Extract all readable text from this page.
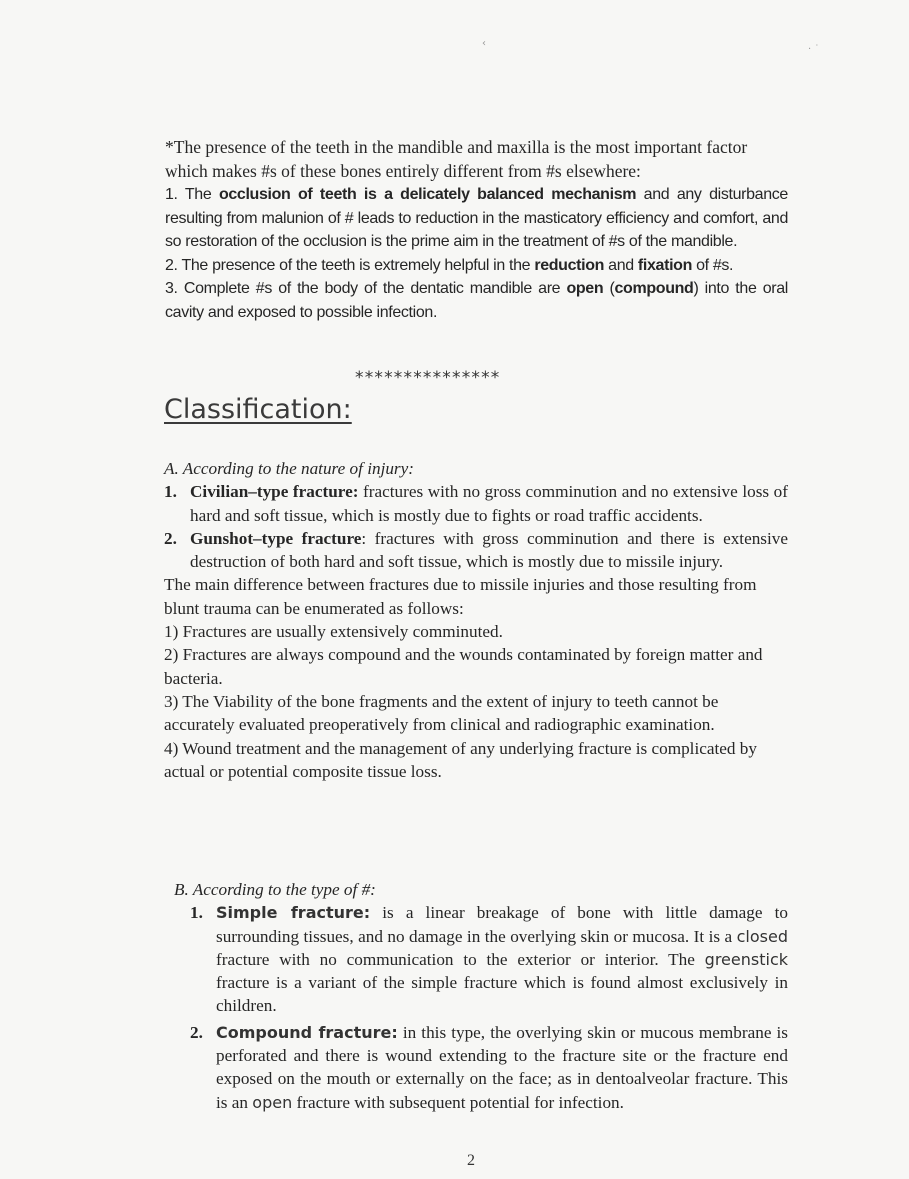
‹
· ˙
*The presence of the teeth in the mandible and maxilla is the most important factor which makes #s of these bones entirely different from #s elsewhere:
1. The occlusion of teeth is a delicately balanced mechanism and any disturbance resulting from malunion of # leads to reduction in the masticatory efficiency and comfort, and so restoration of the occlusion is the prime aim in the treatment of #s of the mandible.
2. The presence of the teeth is extremely helpful in the reduction and fixation of #s.
3. Complete #s of the body of the dentatic mandible are open (compound) into the oral cavity and exposed to possible infection.
***************
Classification:
A. According to the nature of injury:
1. Civilian–type fracture: fractures with no gross comminution and no extensive loss of hard and soft tissue, which is mostly due to fights or road traffic accidents.
2. Gunshot–type fracture: fractures with gross comminution and there is extensive destruction of both hard and soft tissue, which is mostly due to missile injury.
The main difference between fractures due to missile injuries and those resulting from blunt trauma can be enumerated as follows:
1) Fractures are usually extensively comminuted.
2) Fractures are always compound and the wounds contaminated by foreign matter and bacteria.
3) The Viability of the bone fragments and the extent of injury to teeth cannot be accurately evaluated preoperatively from clinical and radiographic examination.
4) Wound treatment and the management of any underlying fracture is complicated by actual or potential composite tissue loss.
B. According to the type of #:
1. Simple fracture: is a linear breakage of bone with little damage to surrounding tissues, and no damage in the overlying skin or mucosa. It is a closed fracture with no communication to the exterior or interior. The greenstick fracture is a variant of the simple fracture which is found almost exclusively in children.
2. Compound fracture: in this type, the overlying skin or mucous membrane is perforated and there is wound extending to the fracture site or the fracture end exposed on the mouth or externally on the face; as in dentoalveolar fracture. This is an open fracture with subsequent potential for infection.
2
